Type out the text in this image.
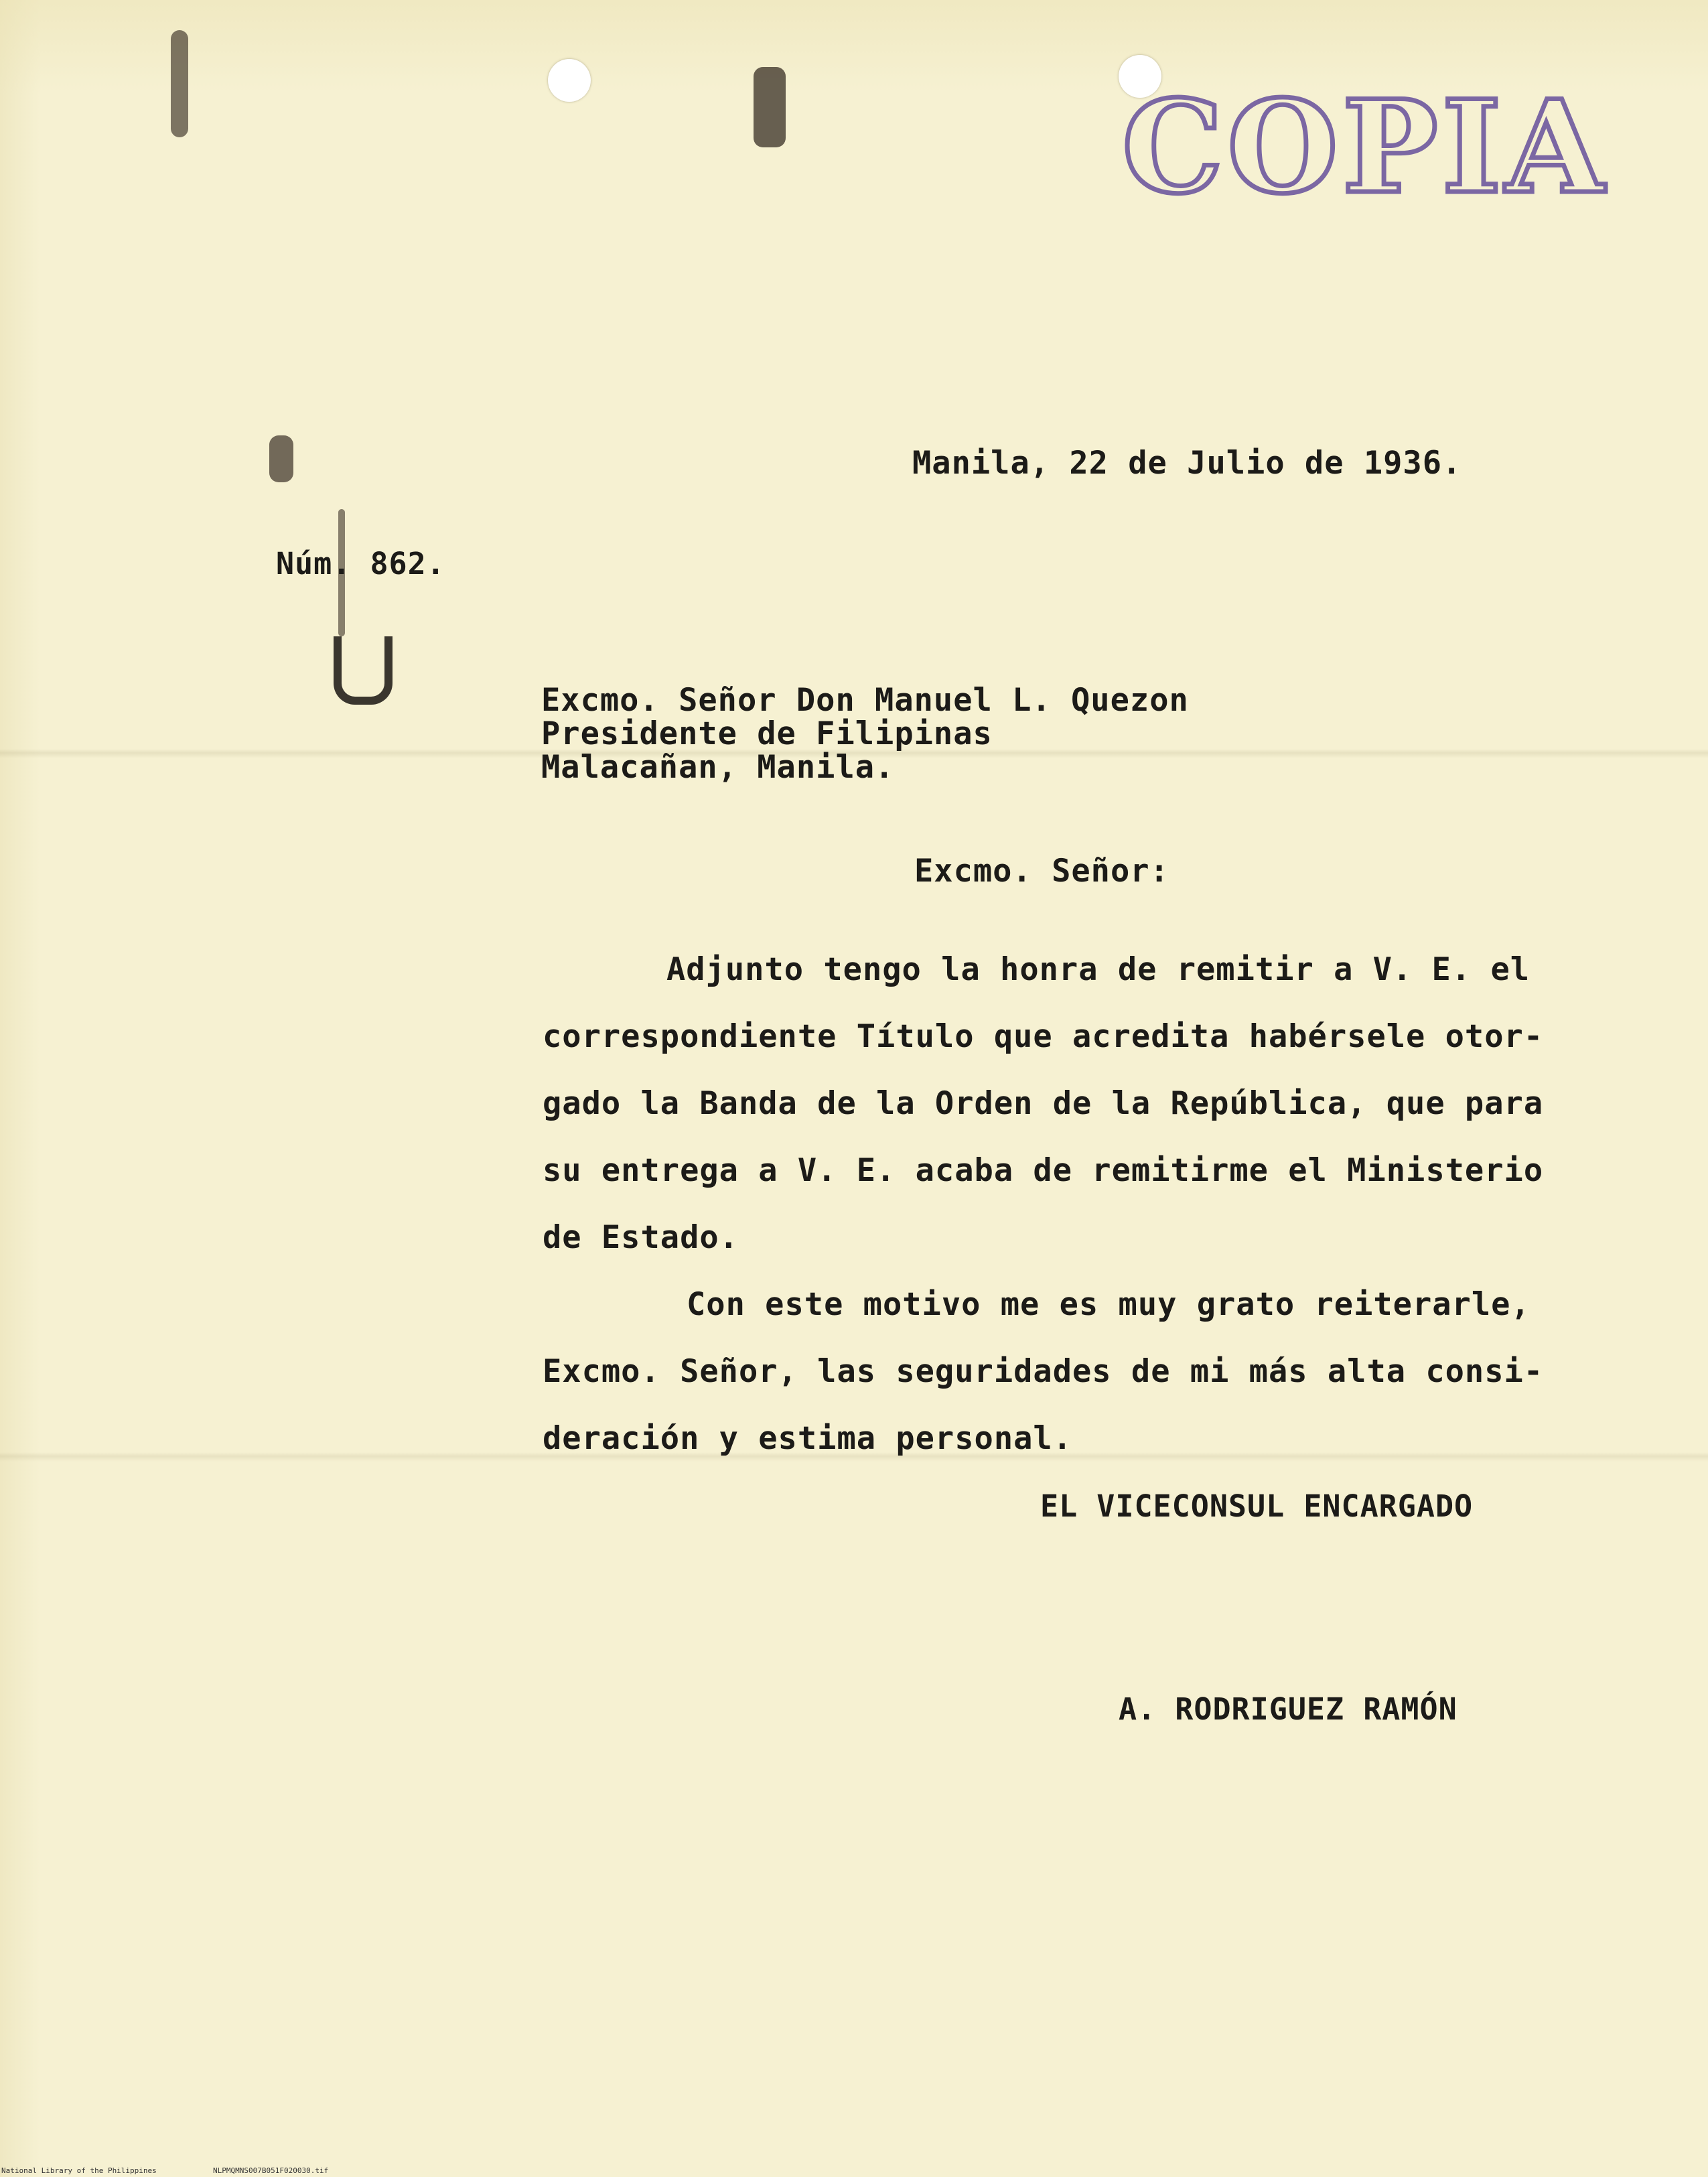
COPIA
Manila, 22 de Julio de 1936.
Núm. 862.
Excmo. Señor Don Manuel L. Quezon
Presidente de Filipinas
Malacañan, Manila.
Excmo. Señor:
Adjunto tengo la honra de remitir a V. E. el
correspondiente Título que acredita habérsele otor-
gado la Banda de la Orden de la República, que para
su entrega a V. E. acaba de remitirme el Ministerio
de Estado.
Con este motivo me es muy grato reiterarle,
Excmo. Señor, las seguridades de mi más alta consi-
deración y estima personal.
EL VICECONSUL ENCARGADO
A. RODRIGUEZ RAMÓN
National Library of the Philippines	NLPMQMNS007B051F020030.tif
